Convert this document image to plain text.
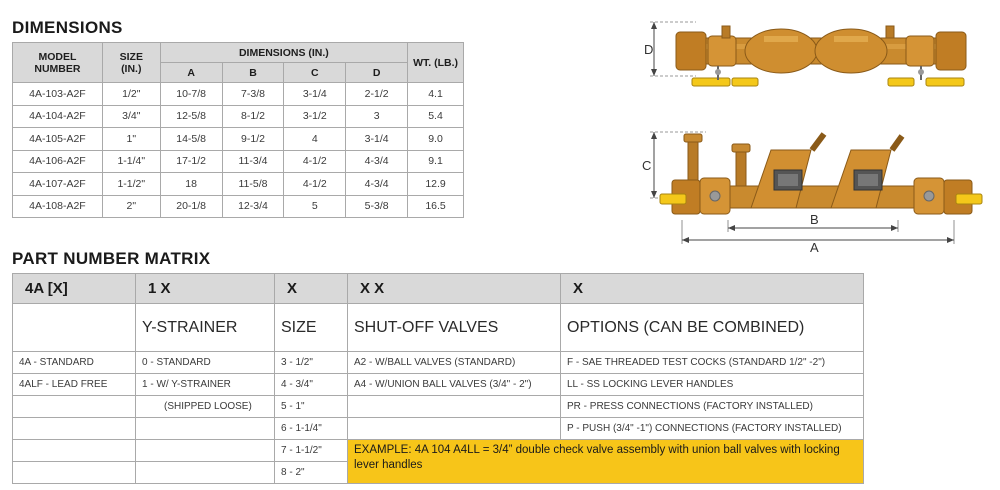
DIMENSIONS
MODEL
NUMBER	SIZE
(IN.)	DIMENSIONS (IN.)				WT. (LB.)
		A	B	C	D	
4A-103-A2F	1/2"	10-7/8	7-3/8	3-1/4	2-1/2	4.1
4A-104-A2F	3/4"	12-5/8	8-1/2	3-1/2	3	5.4
4A-105-A2F	1"	14-5/8	9-1/2	4	3-1/4	9.0
4A-106-A2F	1-1/4"	17-1/2	11-3/4	4-1/2	4-3/4	9.1
4A-107-A2F	1-1/2"	18	11-5/8	4-1/2	4-3/4	12.9
4A-108-A2F	2"	20-1/8	12-3/4	5	5-3/8	16.5
D
C
B
A
PART NUMBER MATRIX
4A [X]	1 X	X	X X	X
	Y-STRAINER	SIZE	SHUT-OFF VALVES	OPTIONS (CAN BE COMBINED)
4A - STANDARD	0 - STANDARD	3 - 1/2"	A2 - W/BALL VALVES (STANDARD)	F - SAE THREADED TEST COCKS (STANDARD 1/2" -2")
4ALF - LEAD FREE	1 - W/ Y-STRAINER	4 - 3/4"	A4 - W/UNION BALL VALVES (3/4" - 2")	LL - SS LOCKING LEVER HANDLES
	(SHIPPED LOOSE)	5 - 1"		PR - PRESS CONNECTIONS (FACTORY INSTALLED)
		6 - 1-1/4"		P - PUSH (3/4" -1") CONNECTIONS (FACTORY INSTALLED)
		7 - 1-1/2"	EXAMPLE: 4A 104 A4LL = 3/4” double check valve assembly with union ball valves with locking lever handles	
		8 - 2"		
